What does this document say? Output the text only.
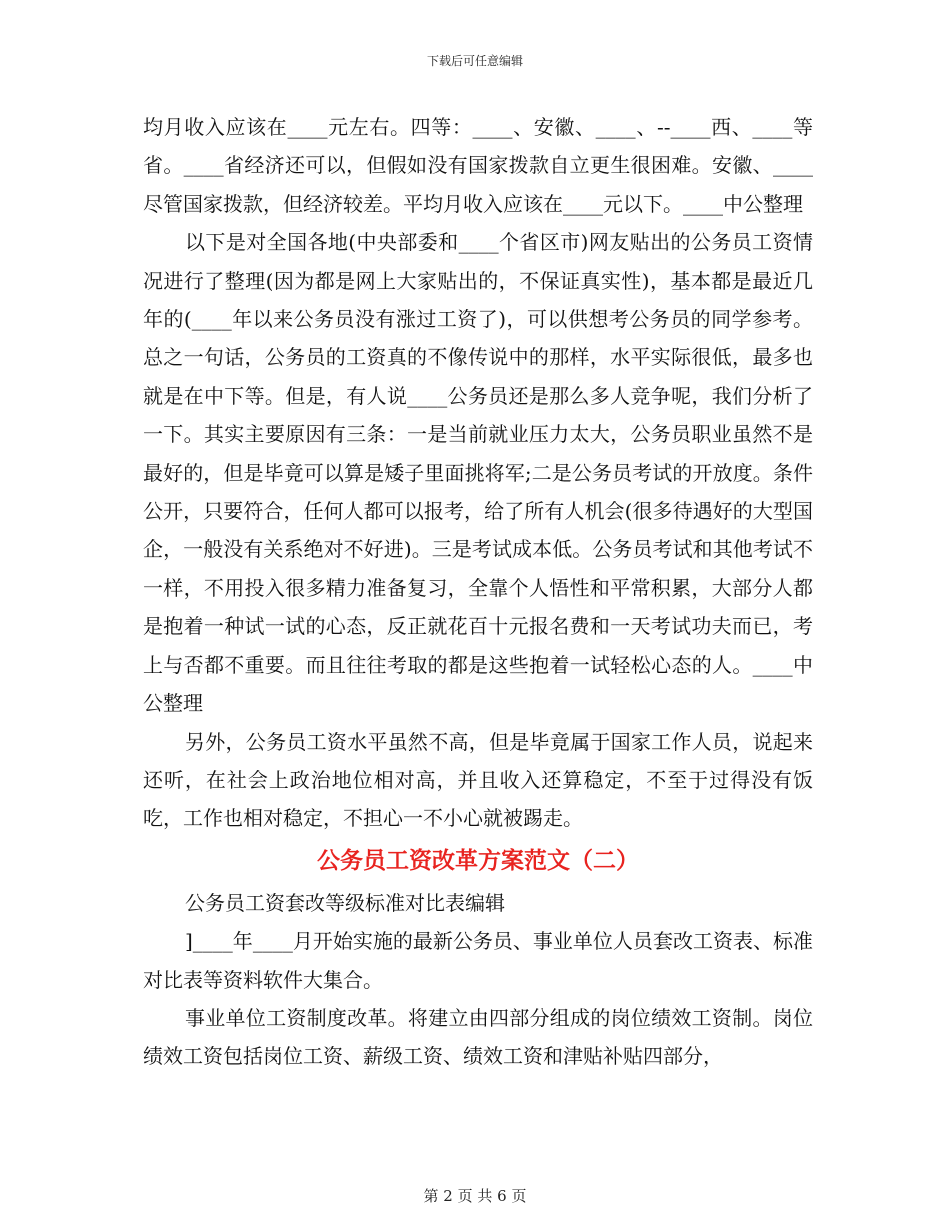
下载后可任意编辑

均月收入应该在____元左右。四等：____、安徽、____、--____西、____等省。____省经济还可以，但假如没有国家拨款自立更生很困难。安徽、____尽管国家拨款，但经济较差。平均月收入应该在____元以下。____中公整理

以下是对全国各地(中央部委和____个省区市)网友贴出的公务员工资情况进行了整理(因为都是网上大家贴出的，不保证真实性)，基本都是最近几年的(____年以来公务员没有涨过工资了)，可以供想考公务员的同学参考。总之一句话，公务员的工资真的不像传说中的那样，水平实际很低，最多也就是在中下等。但是，有人说____公务员还是那么多人竞争呢，我们分析了一下。其实主要原因有三条：一是当前就业压力太大，公务员职业虽然不是最好的，但是毕竟可以算是矮子里面挑将军;二是公务员考试的开放度。条件公开，只要符合，任何人都可以报考，给了所有人机会(很多待遇好的大型国企，一般没有关系绝对不好进)。三是考试成本低。公务员考试和其他考试不一样，不用投入很多精力准备复习，全靠个人悟性和平常积累，大部分人都是抱着一种试一试的心态，反正就花百十元报名费和一天考试功夫而已，考上与否都不重要。而且往往考取的都是这些抱着一试轻松心态的人。____中公整理

另外，公务员工资水平虽然不高，但是毕竟属于国家工作人员，说起来还听，在社会上政治地位相对高，并且收入还算稳定，不至于过得没有饭吃，工作也相对稳定，不担心一不小心就被踢走。

公务员工资改革方案范文（二）

公务员工资套改等级标准对比表编辑

]____年____月开始实施的最新公务员、事业单位人员套改工资表、标准对比表等资料软件大集合。

事业单位工资制度改革。将建立由四部分组成的岗位绩效工资制。岗位绩效工资包括岗位工资、薪级工资、绩效工资和津贴补贴四部分，

第 2 页 共 6 页
